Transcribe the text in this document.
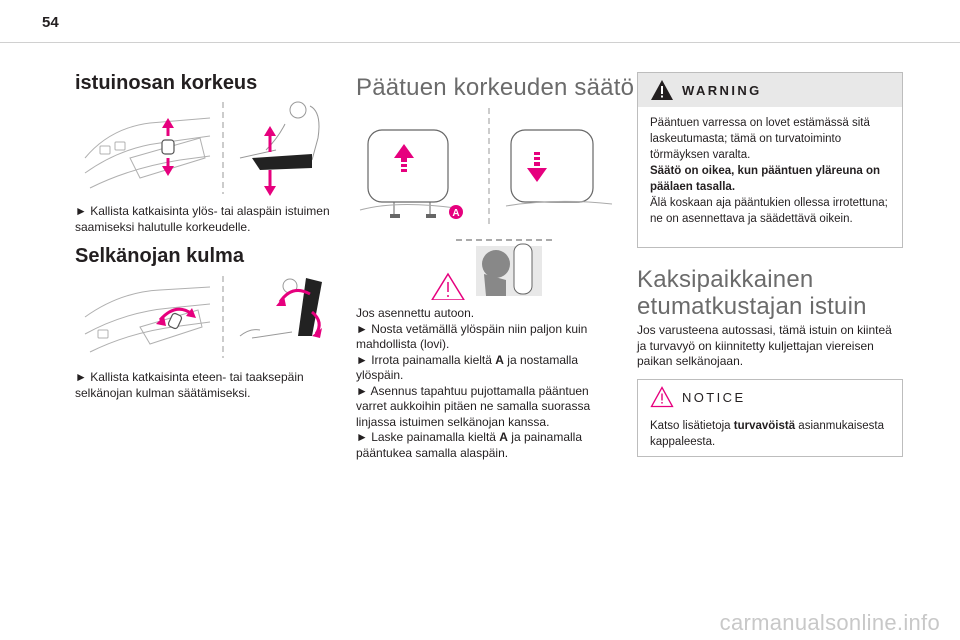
54
istuinosan korkeus
► Kallista katkaisinta ylös- tai alaspäin istuimen saamiseksi halutulle korkeudelle.
Selkänojan kulma
► Kallista katkaisinta eteen- tai taaksepäin selkänojan kulman säätämiseksi.
Päätuen korkeuden säätö
A

Jos asennettu autoon.

► Nosta vetämällä ylöspäin niin paljon kuin mahdollista (lovi).

► Irrota painamalla kieltä A ja nostamalla ylöspäin.

► Asennus tapahtuu pujottamalla pääntuen varret aukkoihin pitäen ne samalla suorassa linjassa istuimen selkänojan kanssa.

► Laske painamalla kieltä A ja painamalla pääntukea samalla alaspäin.

WARNING

Pääntuen varressa on lovet estämässä sitä laskeutumasta; tämä on turvatoiminto törmäyksen varalta.

Säätö on oikea, kun pääntuen yläreuna on päälaen tasalla.

Älä koskaan aja pääntukien ollessa irrotettuna; ne on asennettava ja säädettävä oikein.

Kaksipaikkainen etumatkustajan istuin
Jos varusteena autossasi, tämä istuin on kiinteä ja turvavyö on kiinnitetty kuljettajan viereisen paikan selkänojaan.
NOTICE
Katso lisätietoja turvavöistä asianmukaisesta kappaleesta.
carmanualsonline.info
